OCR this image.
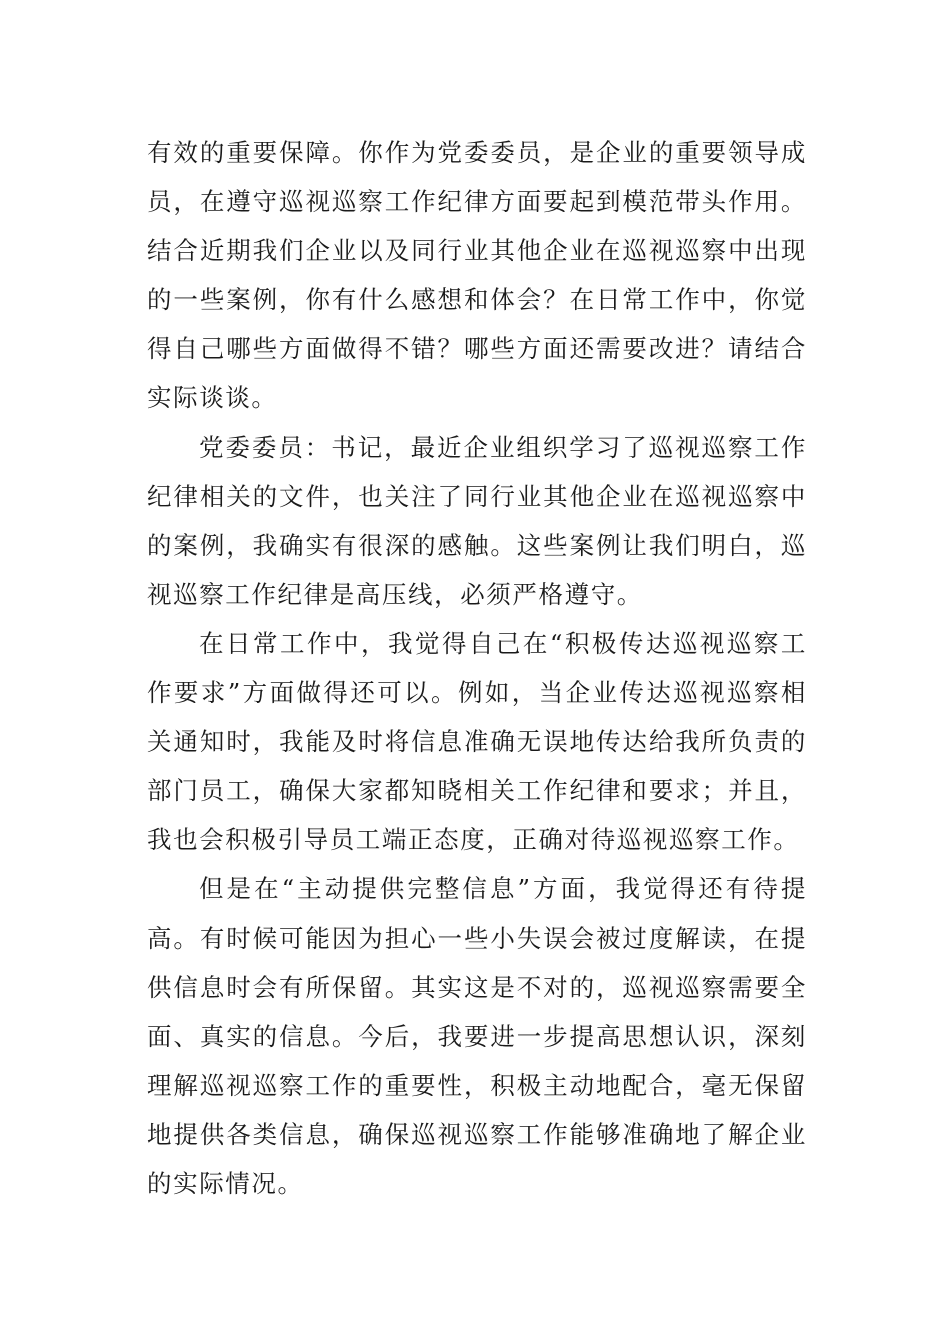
有效的重要保障。你作为党委委员，是企业的重要领导成员，在遵守巡视巡察工作纪律方面要起到模范带头作用。结合近期我们企业以及同行业其他企业在巡视巡察中出现的一些案例，你有什么感想和体会？在日常工作中，你觉得自己哪些方面做得不错？哪些方面还需要改进？请结合实际谈谈。

党委委员：书记，最近企业组织学习了巡视巡察工作纪律相关的文件，也关注了同行业其他企业在巡视巡察中的案例，我确实有很深的感触。这些案例让我们明白，巡视巡察工作纪律是高压线，必须严格遵守。

在日常工作中，我觉得自己在“积极传达巡视巡察工作要求”方面做得还可以。例如，当企业传达巡视巡察相关通知时，我能及时将信息准确无误地传达给我所负责的部门员工，确保大家都知晓相关工作纪律和要求；并且，我也会积极引导员工端正态度，正确对待巡视巡察工作。

但是在“主动提供完整信息”方面，我觉得还有待提高。有时候可能因为担心一些小失误会被过度解读，在提供信息时会有所保留。其实这是不对的，巡视巡察需要全面、真实的信息。今后，我要进一步提高思想认识，深刻理解巡视巡察工作的重要性，积极主动地配合，毫无保留地提供各类信息，确保巡视巡察工作能够准确地了解企业的实际情况。
